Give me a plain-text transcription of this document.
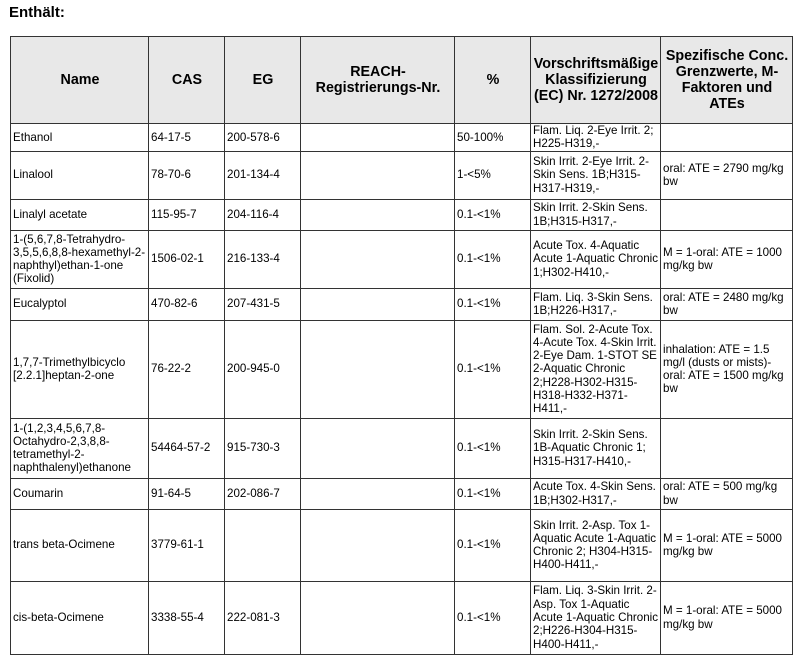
Enthält:
Name	CAS	EG	REACH-Registrierungs-Nr.	%	Vorschriftsmäßige Klassifizierung (EC) Nr. 1272/2008	Spezifische Conc. Grenzwerte, M-Faktoren und ATEs
Ethanol	64-17-5	200-578-6		50-100%	Flam. Liq. 2-Eye Irrit. 2; H225-H319,-	
Linalool	78-70-6	201-134-4		1-<5%	Skin Irrit. 2-Eye Irrit. 2-Skin Sens. 1B;H315-H317-H319,-	oral: ATE = 2790 mg/kg bw
Linalyl acetate	115-95-7	204-116-4		0.1-<1%	Skin Irrit. 2-Skin Sens. 1B;H315-H317,-	
1-(5,6,7,8-Tetrahydro-3,5,5,6,8,8-hexamethyl-2-naphthyl)ethan-1-one (Fixolid)	1506-02-1	216-133-4		0.1-<1%	Acute Tox. 4-Aquatic Acute 1-Aquatic Chronic 1;H302-H410,-	M = 1-oral: ATE = 1000 mg/kg bw
Eucalyptol	470-82-6	207-431-5		0.1-<1%	Flam. Liq. 3-Skin Sens. 1B;H226-H317,-	oral: ATE = 2480 mg/kg bw
1,7,7-Trimethylbicyclo [2.2.1]heptan-2-one	76-22-2	200-945-0		0.1-<1%	Flam. Sol. 2-Acute Tox. 4-Acute Tox. 4-Skin Irrit. 2-Eye Dam. 1-STOT SE 2-Aquatic Chronic 2;H228-H302-H315-H318-H332-H371-H411,-	inhalation: ATE = 1.5 mg/l (dusts or mists)-oral: ATE = 1500 mg/kg bw
1-(1,2,3,4,5,6,7,8-Octahydro-2,3,8,8-tetramethyl-2-naphthalenyl)ethanone	54464-57-2	915-730-3		0.1-<1%	Skin Irrit. 2-Skin Sens. 1B-Aquatic Chronic 1; H315-H317-H410,-	
Coumarin	91-64-5	202-086-7		0.1-<1%	Acute Tox. 4-Skin Sens. 1B;H302-H317,-	oral: ATE = 500 mg/kg bw
trans beta-Ocimene	3779-61-1			0.1-<1%	Skin Irrit. 2-Asp. Tox 1-Aquatic Acute 1-Aquatic Chronic 2; H304-H315-H400-H411,-	M = 1-oral: ATE = 5000 mg/kg bw
cis-beta-Ocimene	3338-55-4	222-081-3		0.1-<1%	Flam. Liq. 3-Skin Irrit. 2-Asp. Tox 1-Aquatic Acute 1-Aquatic Chronic 2;H226-H304-H315-H400-H411,-	M = 1-oral: ATE = 5000 mg/kg bw
